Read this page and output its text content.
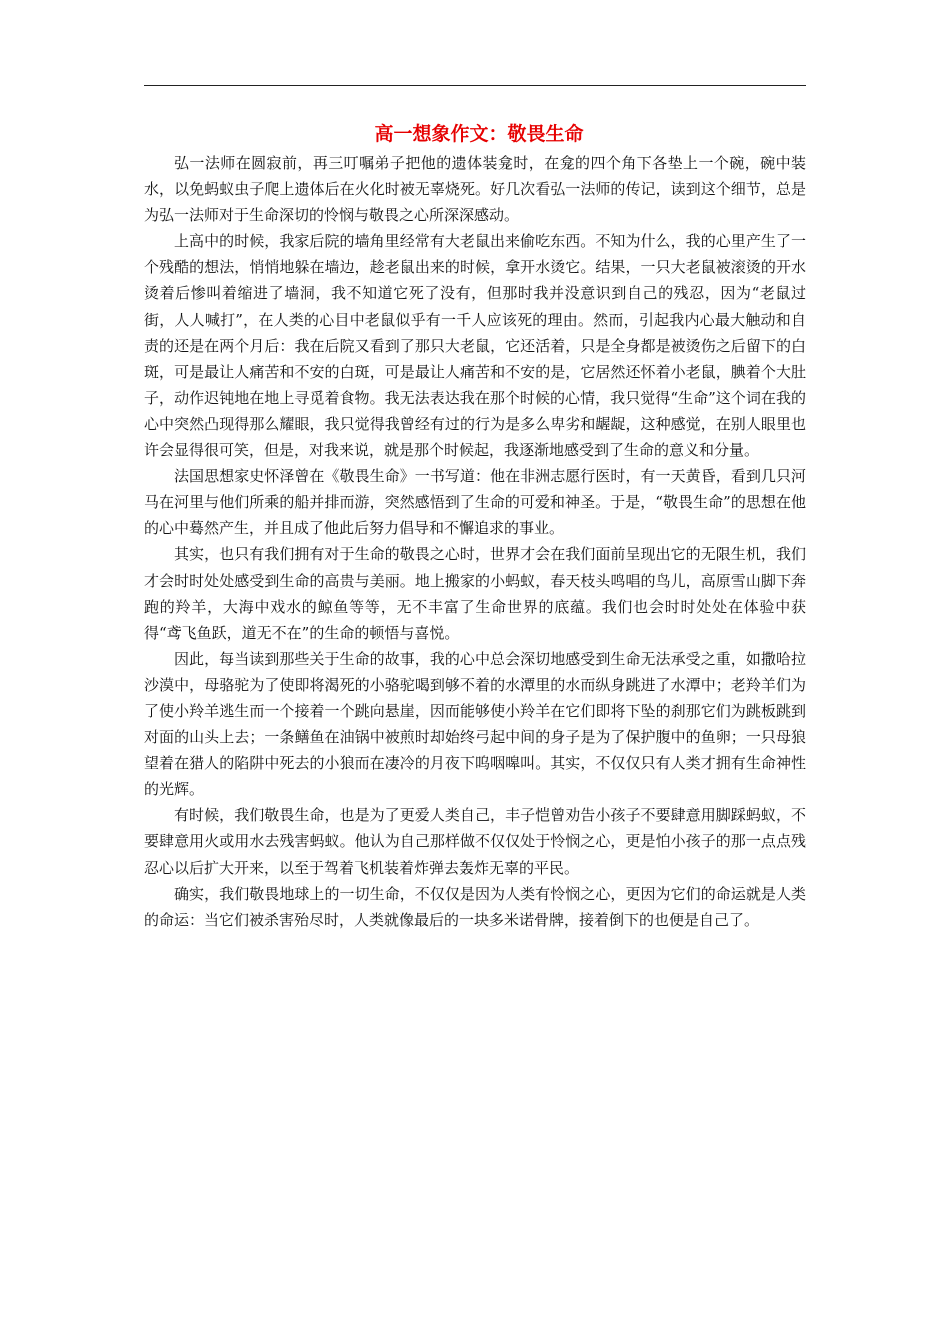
高一想象作文：敬畏生命

弘一法师在圆寂前，再三叮嘱弟子把他的遗体装龛时，在龛的四个角下各垫上一个碗，碗中装水，以免蚂蚁虫子爬上遗体后在火化时被无辜烧死。好几次看弘一法师的传记，读到这个细节，总是为弘一法师对于生命深切的怜悯与敬畏之心所深深感动。

上高中的时候，我家后院的墙角里经常有大老鼠出来偷吃东西。不知为什么，我的心里产生了一个残酷的想法，悄悄地躲在墙边，趁老鼠出来的时候，拿开水烫它。结果，一只大老鼠被滚烫的开水烫着后惨叫着缩进了墙洞，我不知道它死了没有，但那时我并没意识到自己的残忍，因为“老鼠过街，人人喊打”，在人类的心目中老鼠似乎有一千人应该死的理由。然而，引起我内心最大触动和自责的还是在两个月后：我在后院又看到了那只大老鼠，它还活着，只是全身都是被烫伤之后留下的白斑，可是最让人痛苦和不安的白斑，可是最让人痛苦和不安的是，它居然还怀着小老鼠，腆着个大肚子，动作迟钝地在地上寻觅着食物。我无法表达我在那个时候的心情，我只觉得“生命”这个词在我的心中突然凸现得那么耀眼，我只觉得我曾经有过的行为是多么卑劣和龌龊，这种感觉，在别人眼里也许会显得很可笑，但是，对我来说，就是那个时候起，我逐渐地感受到了生命的意义和分量。

法国思想家史怀泽曾在《敬畏生命》一书写道：他在非洲志愿行医时，有一天黄昏，看到几只河马在河里与他们所乘的船并排而游，突然感悟到了生命的可爱和神圣。于是，“敬畏生命”的思想在他的心中蓦然产生，并且成了他此后努力倡导和不懈追求的事业。

其实，也只有我们拥有对于生命的敬畏之心时，世界才会在我们面前呈现出它的无限生机，我们才会时时处处感受到生命的高贵与美丽。地上搬家的小蚂蚁，春天枝头鸣唱的鸟儿，高原雪山脚下奔跑的羚羊，大海中戏水的鲸鱼等等，无不丰富了生命世界的底蕴。我们也会时时处处在体验中获得“鸢飞鱼跃，道无不在”的生命的顿悟与喜悦。

因此，每当读到那些关于生命的故事，我的心中总会深切地感受到生命无法承受之重，如撒哈拉沙漠中，母骆驼为了使即将渴死的小骆驼喝到够不着的水潭里的水而纵身跳进了水潭中；老羚羊们为了使小羚羊逃生而一个接着一个跳向悬崖，因而能够使小羚羊在它们即将下坠的刹那它们为跳板跳到对面的山头上去；一条鳝鱼在油锅中被煎时却始终弓起中间的身子是为了保护腹中的鱼卵；一只母狼望着在猎人的陷阱中死去的小狼而在凄冷的月夜下呜咽嗥叫。其实，不仅仅只有人类才拥有生命神性的光辉。

有时候，我们敬畏生命，也是为了更爱人类自己，丰子恺曾劝告小孩子不要肆意用脚踩蚂蚁，不要肆意用火或用水去残害蚂蚁。他认为自己那样做不仅仅处于怜悯之心，更是怕小孩子的那一点点残忍心以后扩大开来，以至于驾着飞机装着炸弹去轰炸无辜的平民。

确实，我们敬畏地球上的一切生命，不仅仅是因为人类有怜悯之心，更因为它们的命运就是人类的命运：当它们被杀害殆尽时，人类就像最后的一块多米诺骨牌，接着倒下的也便是自己了。
